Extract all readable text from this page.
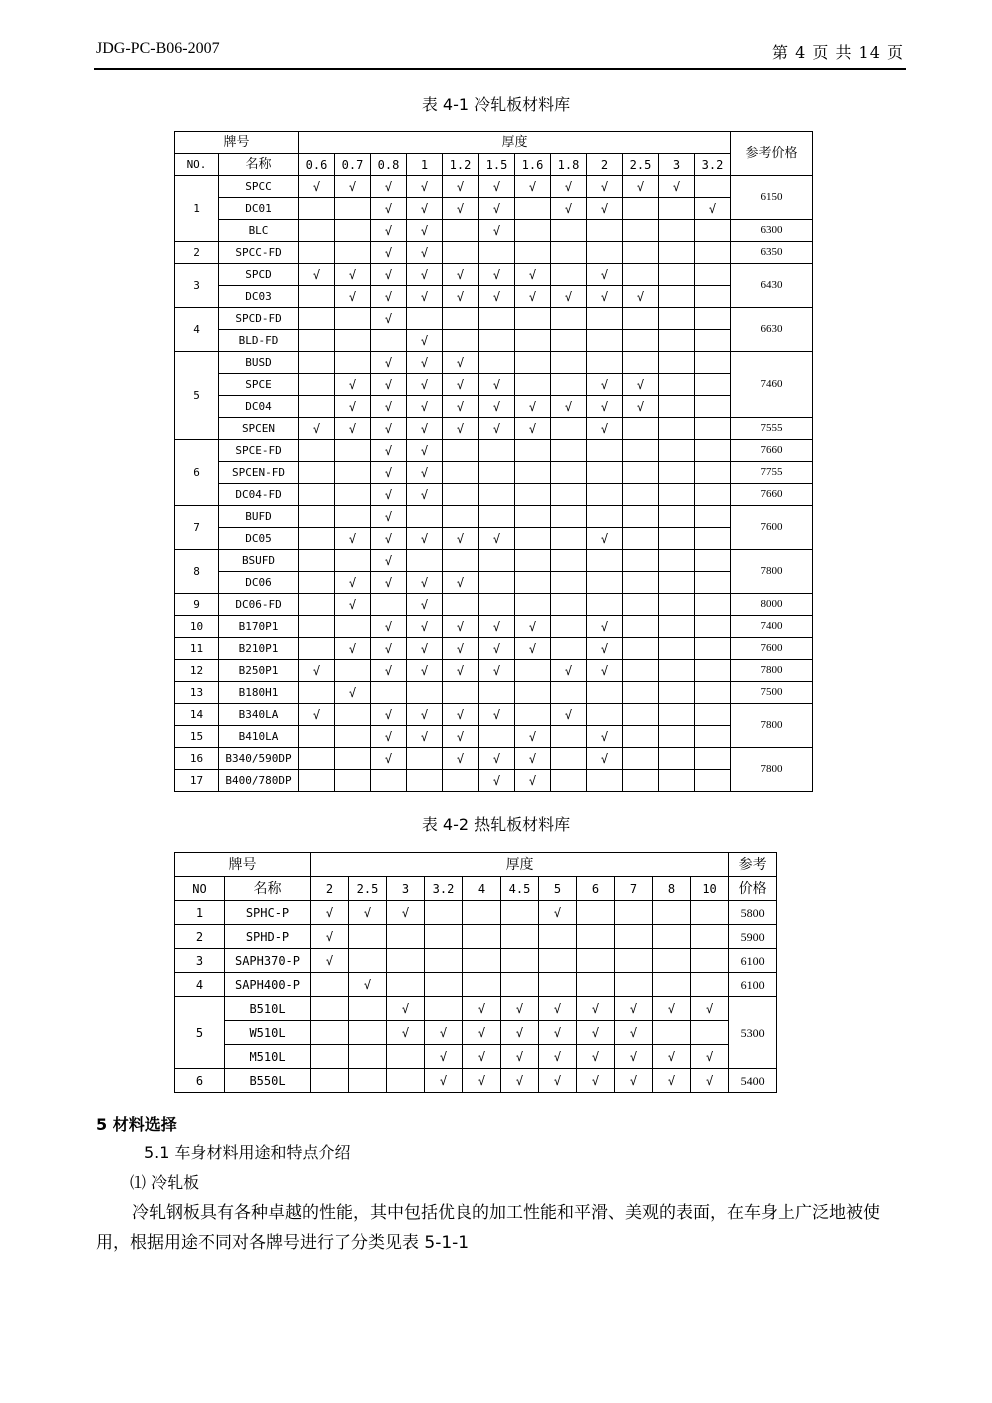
JDG-PC-B06-2007	第 4 页 共 14 页
表 4-1 冷轧板材料库
牌号		厚度												参考价格
NO.	名称	0.6	0.7	0.8	1	1.2	1.5	1.6	1.8	2	2.5	3	3.2	
1	SPCC	√	√	√	√	√	√	√	√	√	√	√		6150
	DC01			√	√	√	√		√	√			√	
	BLC			√	√		√							6300
2	SPCC-FD			√	√									6350
3	SPCD	√	√	√	√	√	√	√		√				6430
	DC03		√	√	√	√	√	√	√	√	√			
4	SPCD-FD			√										6630
	BLD-FD				√									
5	BUSD			√	√	√								7460
	SPCE		√	√	√	√	√			√	√			
	DC04		√	√	√	√	√	√	√	√	√			
	SPCEN	√	√	√	√	√	√	√		√				7555
6	SPCE-FD			√	√									7660
	SPCEN-FD			√	√									7755
	DC04-FD			√	√									7660
7	BUFD			√										7600
	DC05		√	√	√	√	√			√				
8	BSUFD			√										7800
	DC06		√	√	√	√								
9	DC06-FD		√		√									8000
10	B170P1			√	√	√	√	√		√				7400
11	B210P1		√	√	√	√	√	√		√				7600
12	B250P1	√		√	√	√	√		√	√				7800
13	B180H1		√											7500
14	B340LA	√		√	√	√	√		√					7800
15	B410LA			√	√	√		√		√				
16	B340/590DP			√		√	√	√		√				7800
17	B400/780DP						√	√						
表 4-2 热轧板材料库
牌号		厚度											参考
NO	名称	2	2.5	3	3.2	4	4.5	5	6	7	8	10	价格
1	SPHC-P	√	√	√				√					5800
2	SPHD-P	√											5900
3	SAPH370-P	√											6100
4	SAPH400-P		√										6100
5	B510L			√		√	√	√	√	√	√	√	5300
	W510L			√	√	√	√	√	√	√			
	M510L				√	√	√	√	√	√	√	√	
6	B550L				√	√	√	√	√	√	√	√	5400
5 材料选择
5.1 车身材料用途和特点介绍
⑴ 冷轧板
冷轧钢板具有各种卓越的性能，其中包括优良的加工性能和平滑、美观的表面，在车身上广泛地被使用，根据用途不同对各牌号进行了分类见表 5-1-1
